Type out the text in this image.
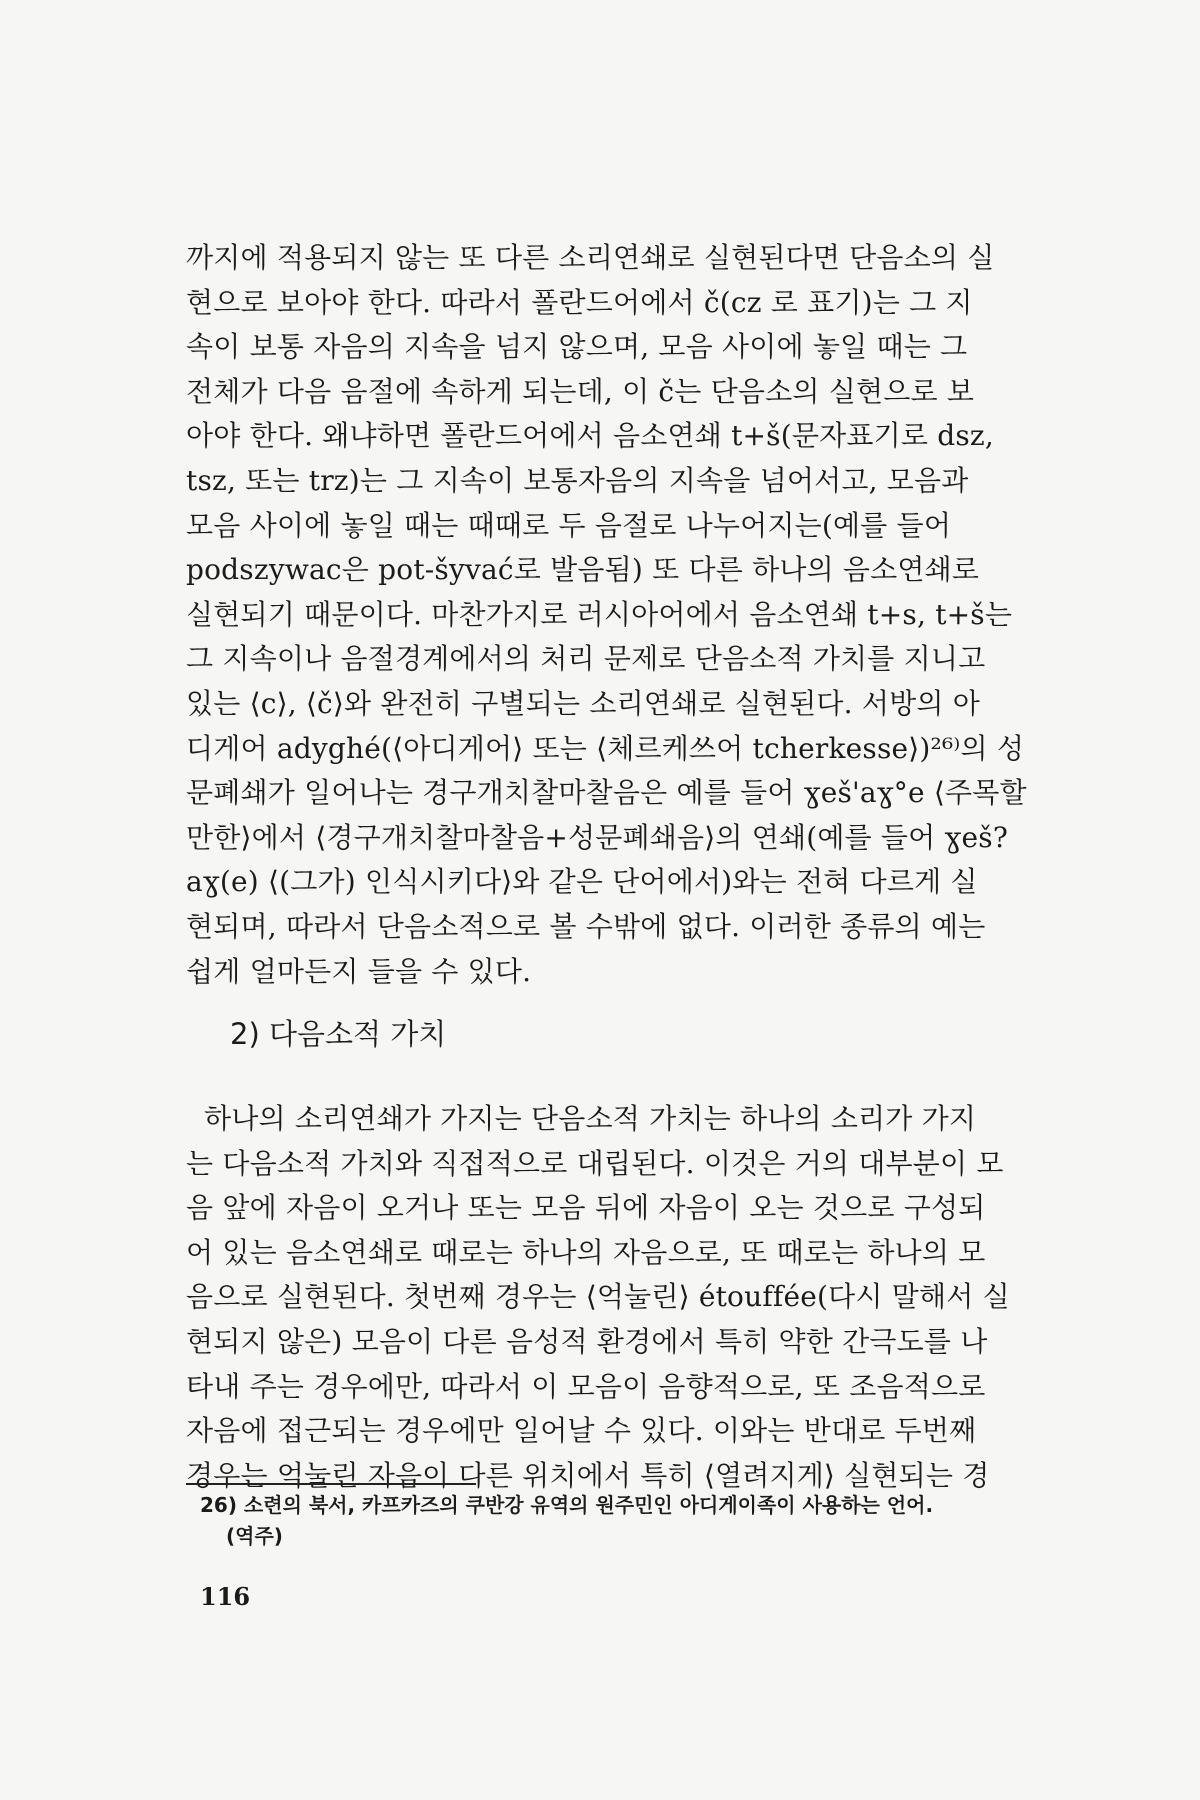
까지에 적용되지 않는 또 다른 소리연쇄로 실현된다면 단음소의 실

현으로 보아야 한다. 따라서 폴란드어에서 č(cz 로 표기)는 그 지

속이 보통 자음의 지속을 넘지 않으며, 모음 사이에 놓일 때는 그

전체가 다음 음절에 속하게 되는데, 이 č는 단음소의 실현으로 보

아야 한다. 왜냐하면 폴란드어에서 음소연쇄 t+š(문자표기로 dsz,

tsz, 또는 trz)는 그 지속이 보통자음의 지속을 넘어서고, 모음과

모음 사이에 놓일 때는 때때로 두 음절로 나누어지는(예를 들어

podszywac은 pot-šyvać로 발음됨) 또 다른 하나의 음소연쇄로

실현되기 때문이다. 마찬가지로 러시아어에서 음소연쇄 t+s, t+š는

그 지속이나 음절경계에서의 처리 문제로 단음소적 가치를 지니고

있는 ⟨c⟩, ⟨č⟩와 완전히 구별되는 소리연쇄로 실현된다. 서방의 아

디게어 adyghé(⟨아디게어⟩ 또는 ⟨체르케쓰어 tcherkesse⟩)²⁶⁾의 성

문폐쇄가 일어나는 경구개치찰마찰음은 예를 들어 ɣeš'aɣ°e ⟨주목할

만한⟩에서 ⟨경구개치찰마찰음+성문폐쇄음⟩의 연쇄(예를 들어 ɣeš?

aɣ(e) ⟨(그가) 인식시키다⟩와 같은 단어에서)와는 전혀 다르게 실

현되며, 따라서 단음소적으로 볼 수밖에 없다. 이러한 종류의 예는

쉽게 얼마든지 들을 수 있다.

2) 다음소적 가치

하나의 소리연쇄가 가지는 단음소적 가치는 하나의 소리가 가지

는 다음소적 가치와 직접적으로 대립된다. 이것은 거의 대부분이 모

음 앞에 자음이 오거나 또는 모음 뒤에 자음이 오는 것으로 구성되

어 있는 음소연쇄로 때로는 하나의 자음으로, 또 때로는 하나의 모

음으로 실현된다. 첫번째 경우는 ⟨억눌린⟩ étouffée(다시 말해서 실

현되지 않은) 모음이 다른 음성적 환경에서 특히 약한 간극도를 나

타내 주는 경우에만, 따라서 이 모음이 음향적으로, 또 조음적으로

자음에 접근되는 경우에만 일어날 수 있다. 이와는 반대로 두번째

경우는 억눌린 자음이 다른 위치에서 특히 ⟨열려지게⟩ 실현되는 경

26) 소련의 북서, 카프카즈의 쿠반강 유역의 원주민인 아디게이족이 사용하는 언어.

(역주)

116
